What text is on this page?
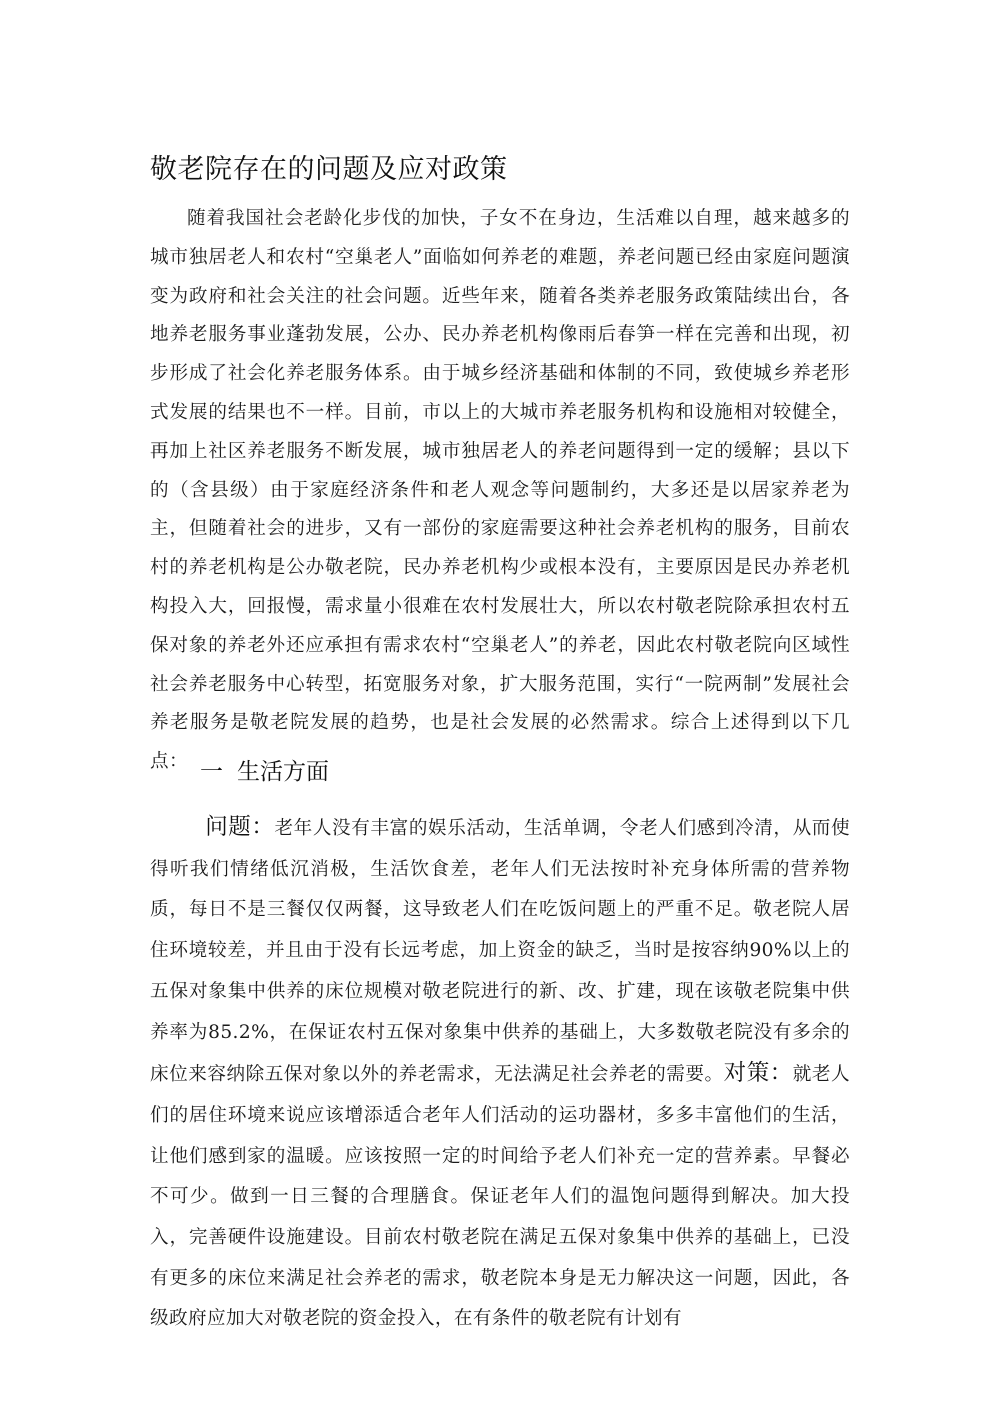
敬老院存在的问题及应对政策

随着我国社会老龄化步伐的加快，子女不在身边，生活难以自理，越来越多的城市独居老人和农村“空巢老人”面临如何养老的难题，养老问题已经由家庭问题演变为政府和社会关注的社会问题。近些年来，随着各类养老服务政策陆续出台，各地养老服务事业蓬勃发展，公办、民办养老机构像雨后春笋一样在完善和出现，初步形成了社会化养老服务体系。由于城乡经济基础和体制的不同，致使城乡养老形式发展的结果也不一样。目前，市以上的大城市养老服务机构和设施相对较健全，再加上社区养老服务不断发展，城市独居老人的养老问题得到一定的缓解；县以下的（含县级）由于家庭经济条件和老人观念等问题制约，大多还是以居家养老为主，但随着社会的进步，又有一部份的家庭需要这种社会养老机构的服务，目前农村的养老机构是公办敬老院，民办养老机构少或根本没有，主要原因是民办养老机构投入大，回报慢，需求量小很难在农村发展壮大，所以农村敬老院除承担农村五保对象的养老外还应承担有需求农村“空巢老人”的养老，因此农村敬老院向区域性社会养老服务中心转型，拓宽服务对象，扩大服务范围，实行“一院两制”发展社会养老服务是敬老院发展的趋势，也是社会发展的必然需求。综合上述得到以下几点： 一 生活方面

问题：老年人没有丰富的娱乐活动，生活单调，令老人们感到冷清，从而使得听我们情绪低沉消极，生活饮食差，老年人们无法按时补充身体所需的营养物质，每日不是三餐仅仅两餐，这导致老人们在吃饭问题上的严重不足。敬老院人居住环境较差，并且由于没有长远考虑，加上资金的缺乏，当时是按容纳90%以上的五保对象集中供养的床位规模对敬老院进行的新、改、扩建，现在该敬老院集中供养率为85.2%，在保证农村五保对象集中供养的基础上，大多数敬老院没有多余的床位来容纳除五保对象以外的养老需求，无法满足社会养老的需要。对策：就老人们的居住环境来说应该增添适合老年人们活动的运功器材，多多丰富他们的生活，让他们感到家的温暖。应该按照一定的时间给予老人们补充一定的营养素。早餐必不可少。做到一日三餐的合理膳食。保证老年人们的温饱问题得到解决。加大投入，完善硬件设施建设。目前农村敬老院在满足五保对象集中供养的基础上，已没有更多的床位来满足社会养老的需求，敬老院本身是无力解决这一问题，因此，各级政府应加大对敬老院的资金投入，在有条件的敬老院有计划有
